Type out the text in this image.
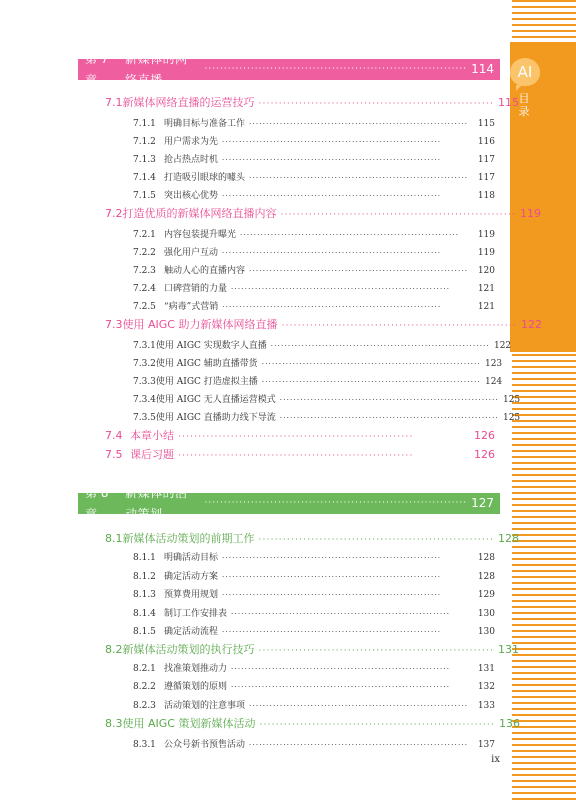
AI
目录
第 7 章
新媒体的网络直播
···································································· 114
7.1 新媒体网络直播的运营技巧 ·························································· 115
7.1.1 明确目标与准备工作 ································································	115
7.1.2 用户需求为先 ································································	116
7.1.3 抢占热点时机 ································································	117
7.1.4 打造吸引眼球的噱头 ································································	117
7.1.5 突出核心优势 ································································	118
7.2 打造优质的新媒体网络直播内容 ·························································· 119
7.2.1 内容包装提升曝光 ································································	119
7.2.2 强化用户互动 ································································	119
7.2.3 触动人心的直播内容 ································································	120
7.2.4 口碑营销的力量 ································································	121
7.2.5 “病毒”式营销 ································································	121
7.3 使用 AIGC 助力新媒体网络直播 ·························································· 122
7.3.1 使用 AIGC 实现数字人直播 ································································ 122
7.3.2 使用 AIGC 辅助直播带货 ································································ 123
7.3.3 使用 AIGC 打造虚拟主播 ································································ 124
7.3.4 使用 AIGC 无人直播运营模式 ································································ 125
7.3.5 使用 AIGC 直播助力线下导流 ································································ 125
7.4 本章小结 ··························································	126
7.5 课后习题 ··························································	126
第 8 章
新媒体的活动策划
···································································· 127
8.1 新媒体活动策划的前期工作 ·························································· 128
8.1.1 明确活动目标 ································································	128
8.1.2 确定活动方案 ································································	128
8.1.3 预算费用规划 ································································	129
8.1.4 制订工作安排表 ································································	130
8.1.5 确定活动流程 ································································	130
8.2 新媒体活动策划的执行技巧 ·························································· 131
8.2.1 找准策划推动力 ································································	131
8.2.2 遵循策划的原则 ································································	132
8.2.3 活动策划的注意事项 ································································	133
8.3 使用 AIGC 策划新媒体活动 ·························································· 136
8.3.1 公众号新书预售活动 ································································	137
ix
